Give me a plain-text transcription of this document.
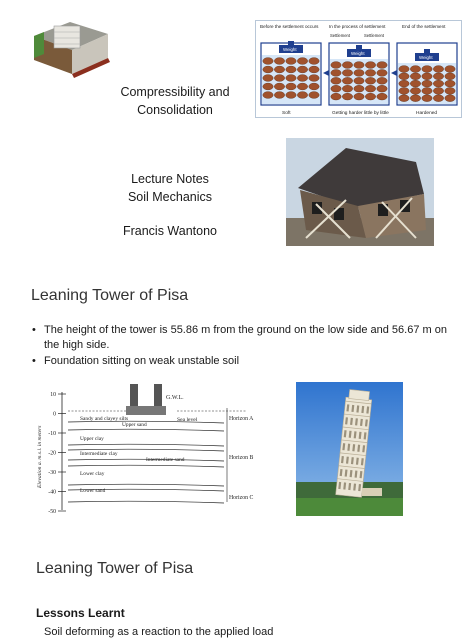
Before the settlement occurs In the process of settlement	End of the settlement
Settlement	Settlement
Weight
Weight
Weight
Soft	Getting harder little by little	Hardened
Compressibility and
Consolidation
Lecture Notes
Soil Mechanics
Francis Wantono
Leaning Tower of Pisa
• The height of the tower is 55.86 m from the ground on the low side and 56.67 m on the high side.
• Foundation sitting on weak unstable soil
Elevation a. m.s.l. in meters
10
0
-10
-20
-30
-40
-50
G.W.L.
Sea level
Sandy and clayey silts
Upper sand
Upper clay
Intermediate clay
Intermediate sand
Lower clay
Lower sand
Horizon A
Horizon B
Horizon C
Leaning Tower of Pisa
Lessons Learnt
Soil deforming as a reaction to the applied load
